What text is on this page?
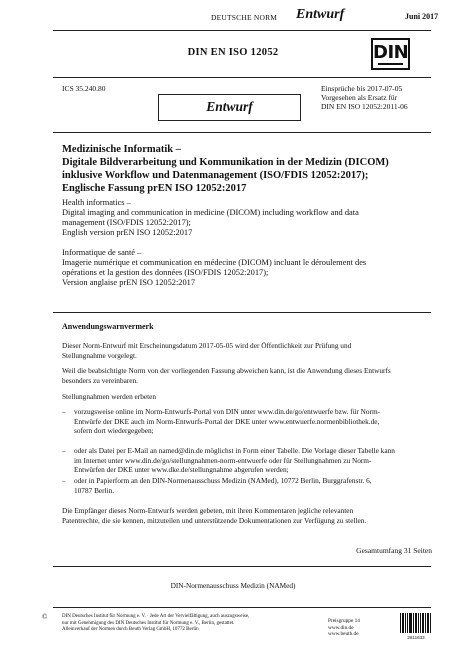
DEUTSCHE NORM Entwurf	Juni 2017
DIN EN ISO 12052	DIN
ICS 35.240.80	Einsprüche bis 2017-07-05
Vorgesehen als Ersatz für
DIN EN ISO 12052:2011-06
Entwurf
Medizinische Informatik –
Digitale Bildverarbeitung und Kommunikation in der Medizin (DICOM)
inklusive Workflow und Datenmanagement (ISO/FDIS 12052:2017);
Englische Fassung prEN ISO 12052:2017
Health informatics –
Digital imaging and communication in medicine (DICOM) including workflow and data
management (ISO/FDIS 12052:2017);
English version prEN ISO 12052:2017
Informatique de santé –
Imagerie numérique et communication en médecine (DICOM) incluant le déroulement des
opérations et la gestion des données (ISO/FDIS 12052:2017);
Version anglaise prEN ISO 12052:2017
Anwendungswarnvermerk
Dieser Norm-Entwurf mit Erscheinungsdatum 2017-05-05 wird der Öffentlichkeit zur Prüfung und
Stellungnahme vorgelegt.
Weil die beabsichtigte Norm von der vorliegenden Fassung abweichen kann, ist die Anwendung dieses Entwurfs
besonders zu vereinbaren.
Stellungnahmen werden erbeten
– vorzugsweise online im Norm-Entwurfs-Portal von DIN unter www.din.de/go/entwuerfe bzw. für Norm-
Entwürfe der DKE auch im Norm-Entwurfs-Portal der DKE unter www.entwuerfe.normenbibliothek.de,
sofern dort wiedergegeben;
– oder als Datei per E-Mail an named@din.de möglichst in Form einer Tabelle. Die Vorlage dieser Tabelle kann
im Internet unter www.din.de/go/stellungnahmen-norm-entwuerfe oder für Stellungnahmen zu Norm-
Entwürfen der DKE unter www.dke.de/stellungnahme abgerufen werden;
– oder in Papierform an den DIN-Normenausschuss Medizin (NAMed), 10772 Berlin, Burggrafenstr. 6,
10787 Berlin.
Die Empfänger dieses Norm-Entwurfs werden gebeten, mit ihren Kommentaren jegliche relevanten
Patentrechte, die sie kennen, mitzuteilen und unterstützende Dokumentationen zur Verfügung zu stellen.
Gesamtumfang 31 Seiten
DIN-Normenausschuss Medizin (NAMed)
©	DIN Deutsches Institut für Normung e. V. · Jede Art der Vervielfältigung, auch auszugsweise,
nur mit Genehmigung des DIN Deutsches Institut für Normung e. V., Berlin, gestattet.
Alleinverkauf der Normen durch Beuth Verlag GmbH, 10772 Berlin
Preisgruppe 14
www.din.de
www.beuth.de
2611633
